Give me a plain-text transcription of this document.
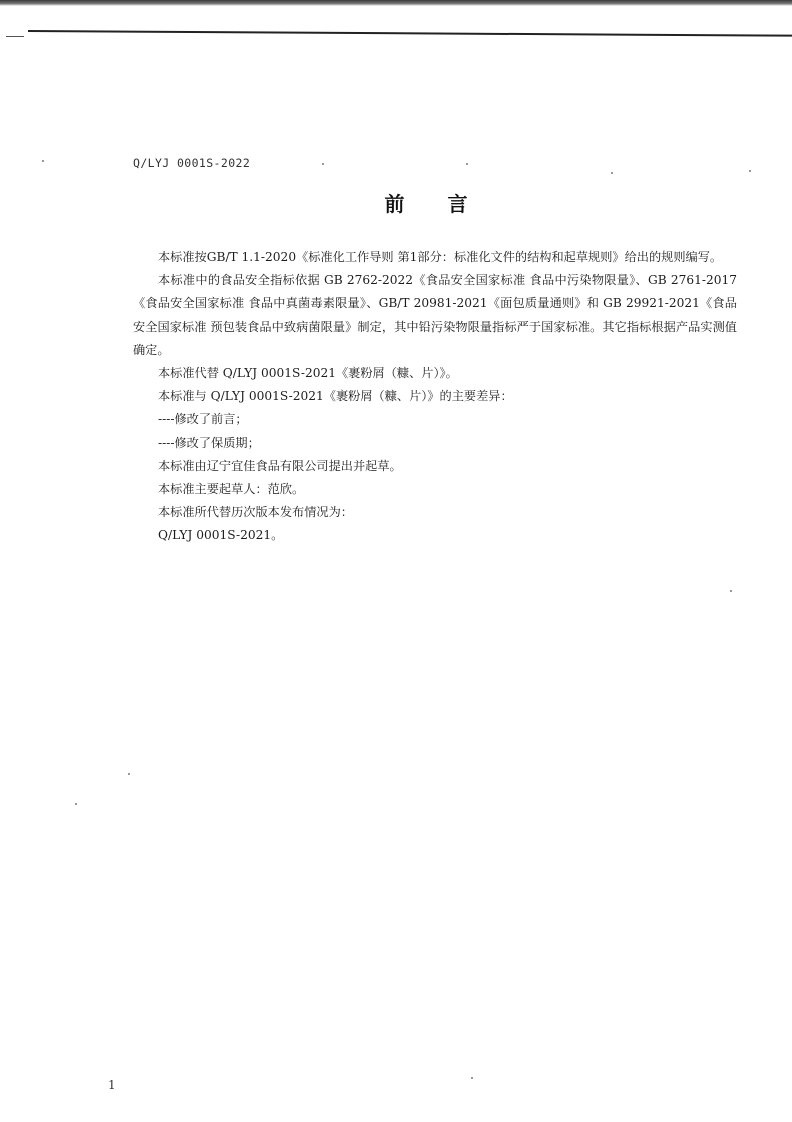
Q/LYJ 0001S-2022
前 言

本标准按GB/T 1.1-2020《标准化工作导则 第1部分：标准化文件的结构和起草规则》给出的规则编写。

本标准中的食品安全指标依据 GB 2762-2022《食品安全国家标准 食品中污染物限量》、GB 2761-2017《食品安全国家标准 食品中真菌毒素限量》、GB/T 20981-2021《面包质量通则》和 GB 29921-2021《食品安全国家标准 预包装食品中致病菌限量》制定，其中铅污染物限量指标严于国家标准。其它指标根据产品实测值确定。

本标准代替 Q/LYJ 0001S-2021《裹粉屑（糠、片）》。

本标准与 Q/LYJ 0001S-2021《裹粉屑（糠、片）》的主要差异：

----修改了前言；

----修改了保质期；

本标准由辽宁宜佳食品有限公司提出并起草。

本标准主要起草人：范欣。

本标准所代替历次版本发布情况为：

Q/LYJ 0001S-2021。

1
